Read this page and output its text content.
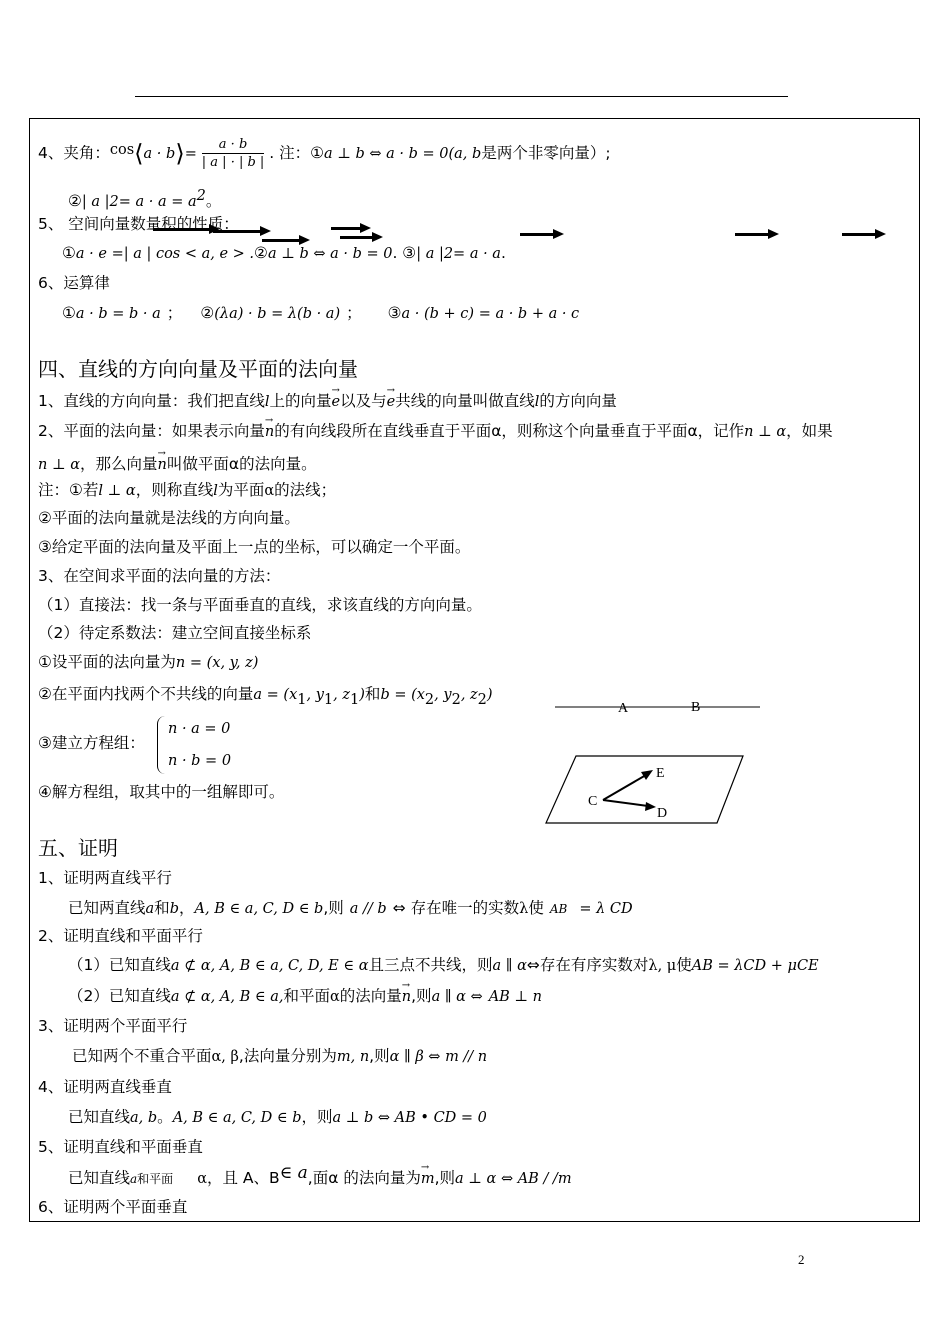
4、夹角：cos⟨a · b⟩= $\frac{a \cdot b}{| a | \cdot | b |}$ . 注：①a ⊥ b ⇔ a · b = 0(a, b是两个非零向量）;
②| a $|2= a \cdot a = a^2$。
5、 空间向量数量积的性质：
①a · e =| a | cos < a, e > .②a ⊥ b ⇔ a · b = 0. ③| a |2= a · a.
6、运算律
①a · b = b · a ； ②(λa) · b = λ(b · a) ； ③a · (b + c) = a · b + a · c
四、直线的方向向量及平面的法向量
1、直线的方向向量：我们把直线l上的向量→ e以及与→ e共线的向量叫做直线l的方向向量
2、平面的法向量：如果表示向量→ n的有向线段所在直线垂直于平面α，则称这个向量垂直于平面α，记作n ⊥ α，如果
n ⊥ α，那么向量→ n叫做平面α的法向量。
注：①若l ⊥ α，则称直线l为平面α的法线；
②平面的法向量就是法线的方向向量。
③给定平面的法向量及平面上一点的坐标，可以确定一个平面。
3、在空间求平面的法向量的方法：
（1）直接法：找一条与平面垂直的直线，求该直线的方向向量。
（2）待定系数法：建立空间直接坐标系
①设平面的法向量为n = (x, y, z)
②在平面内找两个不共线的向量$a = (x_1$, $y_1$, $z_1$)和$b = (x_2$, $y_2$, $z_2$)
③建立方程组：
n · a = 0
n · b = 0
④解方程组，取其中的一组解即可。
A	B
C
D
E
五、证明
1、证明两直线平行
已知两直线a和b，A, B ∈ a, C, D ∈ b,则 a // b ⇔ 存在唯一的实数λ使 AB = λ CD
2、证明直线和平面平行
（1）已知直线a ⊄ α, A, B ∈ a, C, D, E ∈ α且三点不共线，则a ∥ α⇔存在有序实数对λ, μ使AB = λCD + μCE
（2）已知直线a ⊄ α, A, B ∈ a,和平面α的法向量→ n,则a ∥ α ⇔ AB ⊥ n
3、证明两个平面平行
已知两个不重合平面α, β,法向量分别为m, n,则α ∥ β ⇔ m // n
4、证明两直线垂直
已知直线a, b。A, B ∈ a, C, D ∈ b，则a ⊥ b ⇔ AB • CD = 0
5、证明直线和平面垂直
已知直线a和平面 α，且 A、B∈ a,面α 的法向量为→ m,则a ⊥ α ⇔ AB / /m
6、证明两个平面垂直
2
